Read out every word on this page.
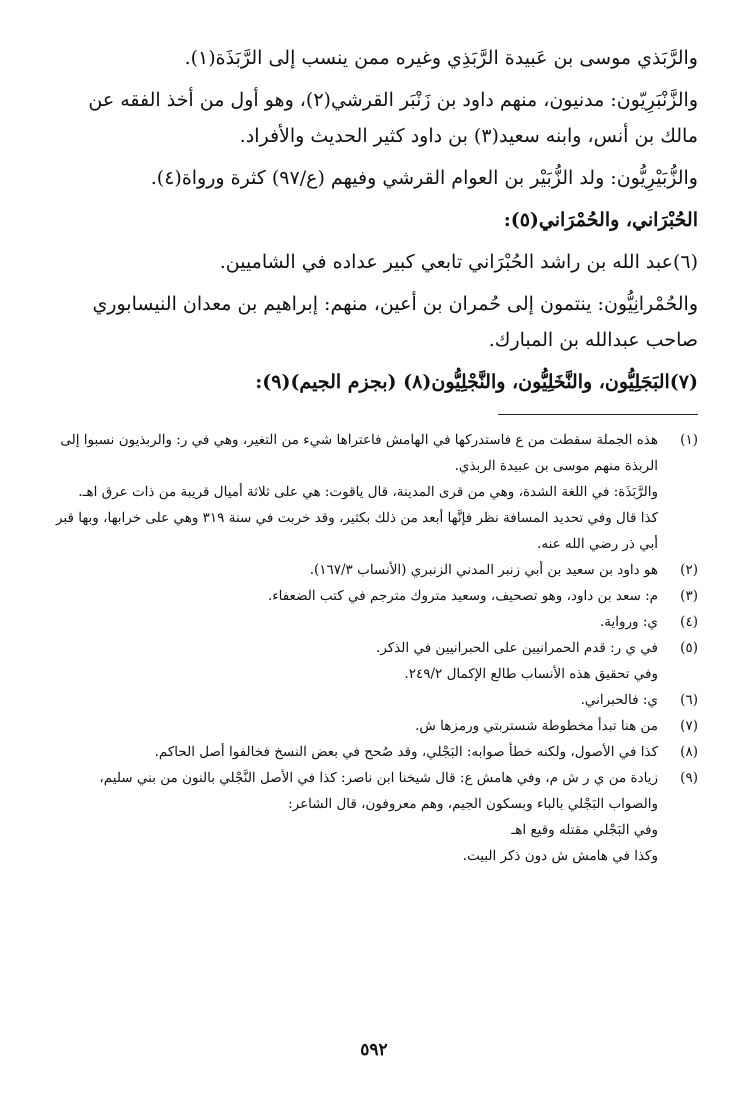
والرَّبَذي موسى بن عَبيدة الرَّبَذِي وغيره ممن ينسب إلى الرَّبَذَة(١).

والزَّنْبَرِيّون: مدنيون، منهم داود بن زَنْبَر القرشي(٢)، وهو أول من أخذ الفقه عن مالك بن أنس، وابنه سعيد(٣) بن داود كثير الحديث والأفراد.

والزُّبَيْرِيُّون: ولد الزُّبَيْر بن العوام القرشي وفيهم (ع/٩٧) كثرة ورواة(٤).

الحُبْرَاني، والحُمْرَاني(٥):

(٦)عبد الله بن راشد الحُبْرَاني تابعي كبير عداده في الشاميين.

والحُمْرانِيُّون: ينتمون إلى حُمران بن أعين، منهم: إبراهيم بن معدان النيسابوري صاحب عبدالله بن المبارك.

(٧)البَجَلِيُّون، والنَّخَلِيُّون، والنَّجْلِيُّون(٨) (بجزم الجيم)(٩):

(١)
هذه الجملة سقطت من ع فاستدركها في الهامش فاعتراها شيء من التغير، وهي في ر: والربذيون نسبوا إلى الربذة منهم موسى بن عبيدة الربذي.
والرَّبَذَة: في اللغة الشدة، وهي من قرى المدينة، قال ياقوت: هي على ثلاثة أميال قريبة من ذات عرق اهـ.
كذا قال وفي تحديد المسافة نظر فإنَّها أبعد من ذلك بكثير، وقد خربت في سنة ٣١٩ وهي على خرابها، وبها قبر أبي ذر رضي الله عنه.
(٢)
هو داود بن سعيد بن أبي زنبر المدني الزنبري (الأنساب ١٦٧/٣).
(٣)
م: سعد بن داود، وهو تصحيف، وسعيد متروك مترجم في كتب الضعفاء.
(٤)
ي: ورواية.
(٥)
في ي ر: قدم الحمرانيين على الحبرانيين في الذكر.
وفي تحقيق هذه الأنساب طالع الإكمال ٢٤٩/٢.
(٦)
ي: فالحبراني.
(٧)
من هنا تبدأ مخطوطة شستربتي ورمزها ش.
(٨)
كذا في الأصول، ولكنه خطأ صوابه: البَجْلي، وقد صُحح في بعض النسخ فخالفوا أصل الحاكم.
(٩)
زيادة من ي ر ش م، وفي هامش ع: قال شيخنا ابن ناصر: كذا في الأصل النَّجْلي بالنون من بني سليم، والصواب البَجْلي بالباء وبسكون الجيم، وهم معروفون، قال الشاعر:
وفي البَجْلي مقتله وقيع اهـ
وكذا في هامش ش دون ذكر البيت.
٥٩٢
